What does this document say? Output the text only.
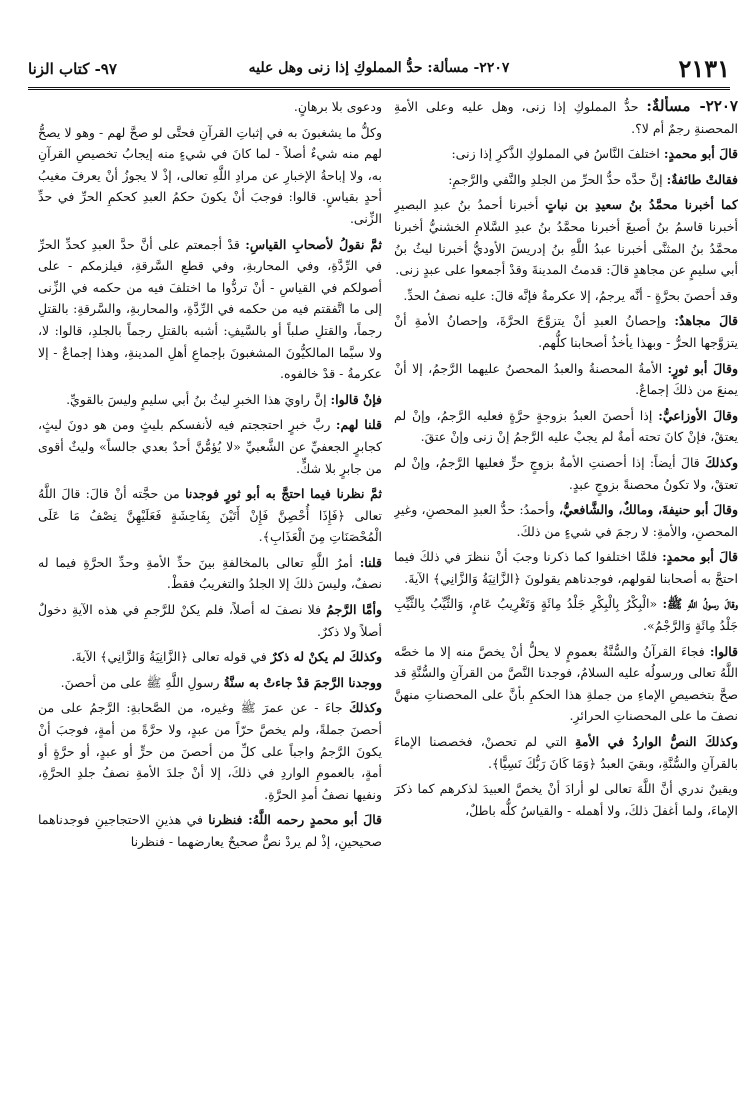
٢١٣١
٢٢٠٧- مسألة: حدُّ المملوكِ إذا زنى وهل عليه
٩٧- كتاب الزنا

٢٢٠٧- مسألةٌ: حدُّ المملوكِ إذا زنى، وهل عليه وعلى الأمةِ المحصنةِ رجمٌ أم لا؟.

قالَ أبو محمدٍ: اختلفَ النَّاسُ في المملوكِ الذَّكرِ إذا زنى:

فقالتْ طائفةٌ: إنَّ حدَّه حدُّ الحرِّ من الجلدِ والنَّفي والرَّجمِ:

كما أخبرنا محمَّدُ بنُ سعيدِ بن نباتٍ أخبرنا أحمدُ بنُ عبدِ البصيرِ أخبرنا قاسمُ بنُ أصبغَ أخبرنا محمَّدُ بنُ عبدِ السَّلامِ الخشنيُّ أخبرنا محمَّدُ بنُ المثنَّى أخبرنا عبدُ اللَّهِ بنُ إدريسَ الأوديُّ أخبرنا ليثُ بنُ أبي سليمٍ عن مجاهدٍ قالَ: قدمتُ المدينةَ وقدْ أجمعوا على عبدٍ زنى.

وقد أحصنَ بحرَّةٍ - أنَّه يرجمُ، إلا عكرمةُ فإنَّه قالَ: عليه نصفُ الحدِّ.

قالَ مجاهدٌ: وإحصانُ العبدِ أنْ يتزوَّجَ الحرَّةَ، وإحصانُ الأمةِ أنْ يتزوَّجها الحرُّ - وبهذا يأخذُ أصحابنا كلُّهم.

وقالَ أبو ثورٍ: الأمةُ المحصنةُ والعبدُ المحصنُ عليهما الرَّجمُ، إلا أنْ يمنعَ من ذلكَ إجماعٌ.

وقالَ الأوزاعيُّ: إذا أحصنَ العبدُ بزوجةٍ حرَّةٍ فعليه الرَّجمُ، وإنْ لم يعتقْ، فإنْ كانَ تحته أمةٌ لم يجبْ عليه الرَّجمُ إنْ زنى وإنْ عتقَ.

وكذلكَ قالَ أيضاً: إذا أحصنتِ الأمةُ بزوجٍ حرٍّ فعليها الرَّجمُ، وإنْ لم تعتقْ، ولا تكونُ محصنةً بزوجٍ عبدٍ.

وقالَ أبو حنيفةَ، ومالكٌ، والشَّافعيُّ، وأحمدُ: حدُّ العبدِ المحصنِ، وغيرِ المحصنِ، والأمةِ: لا رجمَ في شيءٍ من ذلكَ.

قالَ أبو محمدٍ: فلمَّا اختلفوا كما ذكرنا وجبَ أنْ ننظرَ في ذلكَ فيما احتجَّ به أصحابنا لقولهم، فوجدناهم يقولونَ ﴿الزَّانِيَةُ وَالزَّانِي﴾ الآيةَ.

وقالَ رسولُ اللَّهِ ﷺ: «الْبِكْرُ بِالْبِكْرِ جَلْدُ مِائَةٍ وَتَغْرِيبُ عَامٍ، وَالثَّيِّبُ بِالثَّيِّبِ جَلْدُ مِائَةٍ وَالرَّجْمُ».

قالوا: فجاءَ القرآنُ والسُّنَّةُ بعمومٍ لا يحلُّ أنْ يخصَّ منه إلا ما خصَّه اللَّهُ تعالى ورسولُه عليه السلامُ، فوجدنا النَّصَّ من القرآنِ والسُّنَّةِ قد صحَّ بتخصيصِ الإماءِ من جملةِ هذا الحكمِ بأنَّ على المحصناتِ منهنَّ نصفَ ما على المحصناتِ الحرائرِ.

وكذلكَ النصُّ الواردُ في الأمةِ التي لم تحصنْ، فخصصنا الإماءَ بالقرآنِ والسُّنَّةِ، وبقيَ العبدُ ﴿وَمَا كَانَ رَبُّكَ نَسِيًّا﴾.

ويقينٌ ندري أنَّ اللَّهَ تعالى لو أرادَ أنْ يخصَّ العبيدَ لذكرهم كما ذكرَ الإماءَ، ولما أغفلَ ذلكَ، ولا أهمله - والقياسُ كلُّه باطلٌ،

ودعوى بلا برهانٍ.

وكلُّ ما يشغبونَ به في إثباتِ القرآنِ فحتَّى لو صحَّ لهم - وهو لا يصحُّ لهم منه شيءٌ أصلاً - لما كانَ في شيءٍ منه إيجابُ تخصيصِ القرآنِ به، ولا إباحةُ الإخبارِ عن مرادِ اللَّهِ تعالى، إذْ لا يجوزُ أنْ يعرفَ مغيبُ أحدٍ بقياسٍ. قالوا: فوجبَ أنْ يكونَ حكمُ العبدِ كحكمِ الحرِّ في حدِّ الزِّنى.

ثمَّ نقولُ لأصحابِ القياسِ: قدْ أجمعتم على أنَّ حدَّ العبدِ كحدِّ الحرِّ في الرِّدَّةِ، وفي المحاربةِ، وفي قطعِ السَّرقةِ، فيلزمكم - على أصولكم في القياسِ - أنْ تردُّوا ما اختلفَ فيه من حكمه في الزِّنى إلى ما اتَّفقتم فيه من حكمه في الرِّدَّةِ، والمحاربةِ، والسَّرقةِ: بالقتلِ رجماً، والقتلِ صلباً أو بالسَّيفِ: أشبه بالقتلِ رجماً بالجلدِ، قالوا: لا، ولا سيَّما المالكيُّونَ المشغبونَ بإجماعِ أهلِ المدينةِ، وهذا إجماعٌ - إلا عكرمةُ - قدْ خالفوه.

فإنْ قالوا: إنَّ راويَ هذا الخبرِ ليثُ بنُ أبي سليمٍ وليسَ بالقويِّ.

قلنا لهم: ربَّ خبرٍ احتججتم فيه لأنفسكم بليثٍ ومن هو دونَ ليثٍ، كجابرٍ الجعفيِّ عن الشَّعبيِّ «لا يُؤمُّنَّ أحدٌ بعدي جالساً» وليثٌ أقوى من جابرٍ بلا شكٍّ.

ثمَّ نظرنا فيما احتجَّ به أبو ثورٍ فوجدنا من حجَّته أنْ قالَ: قالَ اللَّهُ تعالى ﴿فَإِذَا أُحْصِنَّ فَإِنْ أَتَيْنَ بِفَاحِشَةٍ فَعَلَيْهِنَّ نِصْفُ مَا عَلَى الْمُحْصَنَاتِ مِنَ الْعَذَابِ﴾.

قلنا: أمرُ اللَّهِ تعالى بالمخالفةِ بينَ حدِّ الأمةِ وحدِّ الحرَّةِ فيما له نصفٌ، وليسَ ذلكَ إلا الجلدُ والتغريبُ فقطْ.

وأمَّا الرَّجمُ فلا نصفَ له أصلاً، فلم يكنْ للرَّجمِ في هذه الآيةِ دخولٌ أصلاً ولا ذكرٌ.

وكذلكَ لم يكنْ له ذكرٌ في قوله تعالى ﴿الزَّانِيَةُ وَالزَّانِي﴾ الآيةَ.

ووجدنا الرَّجمَ قدْ جاءتْ به سنَّةُ رسولِ اللَّهِ ﷺ على من أحصنَ.

وكذلكَ جاءَ - عن عمرَ ﷺ وغيره، من الصَّحابةِ: الرَّجمُ على من أحصنَ جملةً، ولم يخصَّ حرّاً من عبدٍ، ولا حرَّةً من أمةٍ، فوجبَ أنْ يكونَ الرَّجمُ واجباً على كلِّ من أحصنَ من حرٍّ أو عبدٍ، أو حرَّةٍ أو أمةٍ، بالعمومِ الواردِ في ذلكَ، إلا أنْ جلدَ الأمةِ نصفُ جلدِ الحرَّةِ، ونفيها نصفُ أمدِ الحرَّةِ.

قالَ أبو محمدٍ رحمه اللَّهُ: فنظرنا في هذينِ الاحتجاجينِ فوجدناهما صحيحينِ، إذْ لم يردْ نصٌّ صحيحٌ يعارضهما - فنظرنا
